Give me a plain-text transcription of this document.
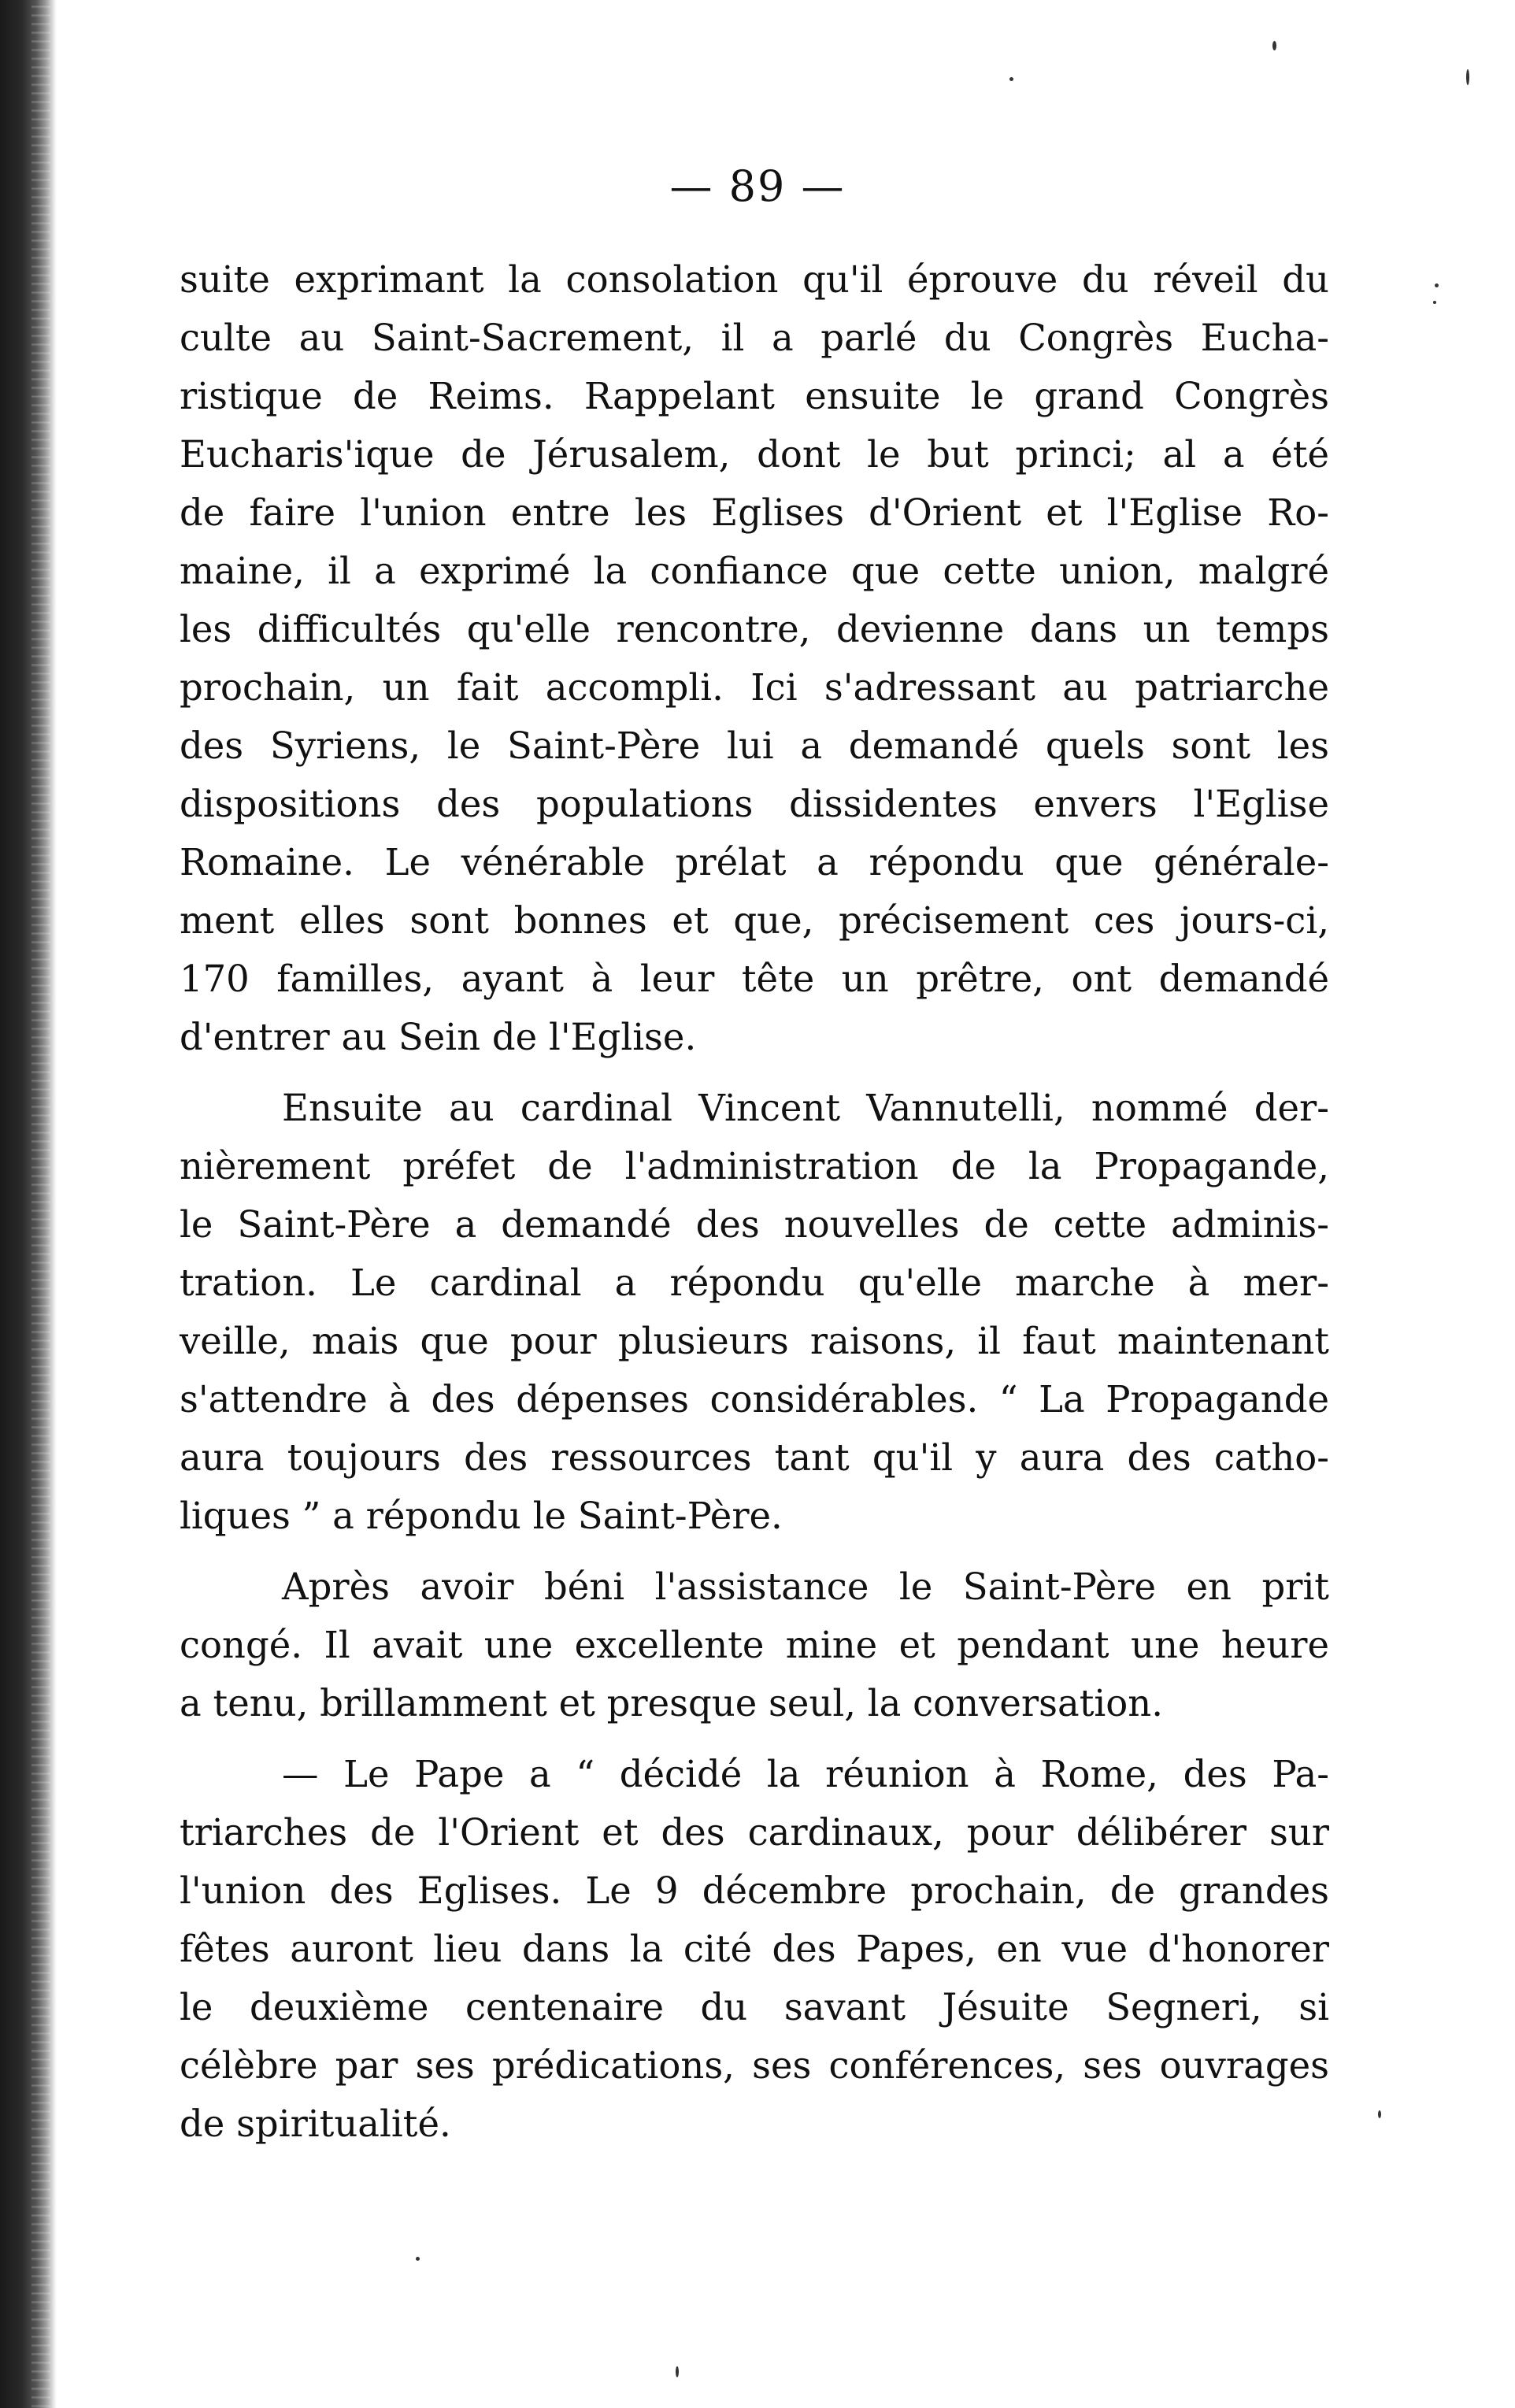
— 89 —

suite exprimant la consolation qu'il éprouve du réveil du
culte au Saint-Sacrement, il a parlé du Congrès Eucha-
ristique de Reims. Rappelant ensuite le grand Congrès
Eucharis'ique de Jérusalem, dont le but princi; al a été
de faire l'union entre les Eglises d'Orient et l'Eglise Ro-
maine, il a exprimé la confiance que cette union, malgré
les difficultés qu'elle rencontre, devienne dans un temps
prochain, un fait accompli. Ici s'adressant au patriarche
des Syriens, le Saint-Père lui a demandé quels sont les
dispositions des populations dissidentes envers l'Eglise
Romaine. Le vénérable prélat a répondu que générale-
ment elles sont bonnes et que, précisement ces jours-ci,
170 familles, ayant à leur tête un prêtre, ont demandé
d'entrer au Sein de l'Eglise.

Ensuite au cardinal Vincent Vannutelli, nommé der-
nièrement préfet de l'administration de la Propagande,
le Saint-Père a demandé des nouvelles de cette adminis-
tration. Le cardinal a répondu qu'elle marche à mer-
veille, mais que pour plusieurs raisons, il faut maintenant
s'attendre à des dépenses considérables. “ La Propagande
aura toujours des ressources tant qu'il y aura des catho-
liques ” a répondu le Saint-Père.

Après avoir béni l'assistance le Saint-Père en prit
congé. Il avait une excellente mine et pendant une heure
a tenu, brillamment et presque seul, la conversation.

— Le Pape a “ décidé la réunion à Rome, des Pa-
triarches de l'Orient et des cardinaux, pour délibérer sur
l'union des Eglises. Le 9 décembre prochain, de grandes
fêtes auront lieu dans la cité des Papes, en vue d'honorer
le deuxième centenaire du savant Jésuite Segneri, si
célèbre par ses prédications, ses conférences, ses ouvrages
de spiritualité.
